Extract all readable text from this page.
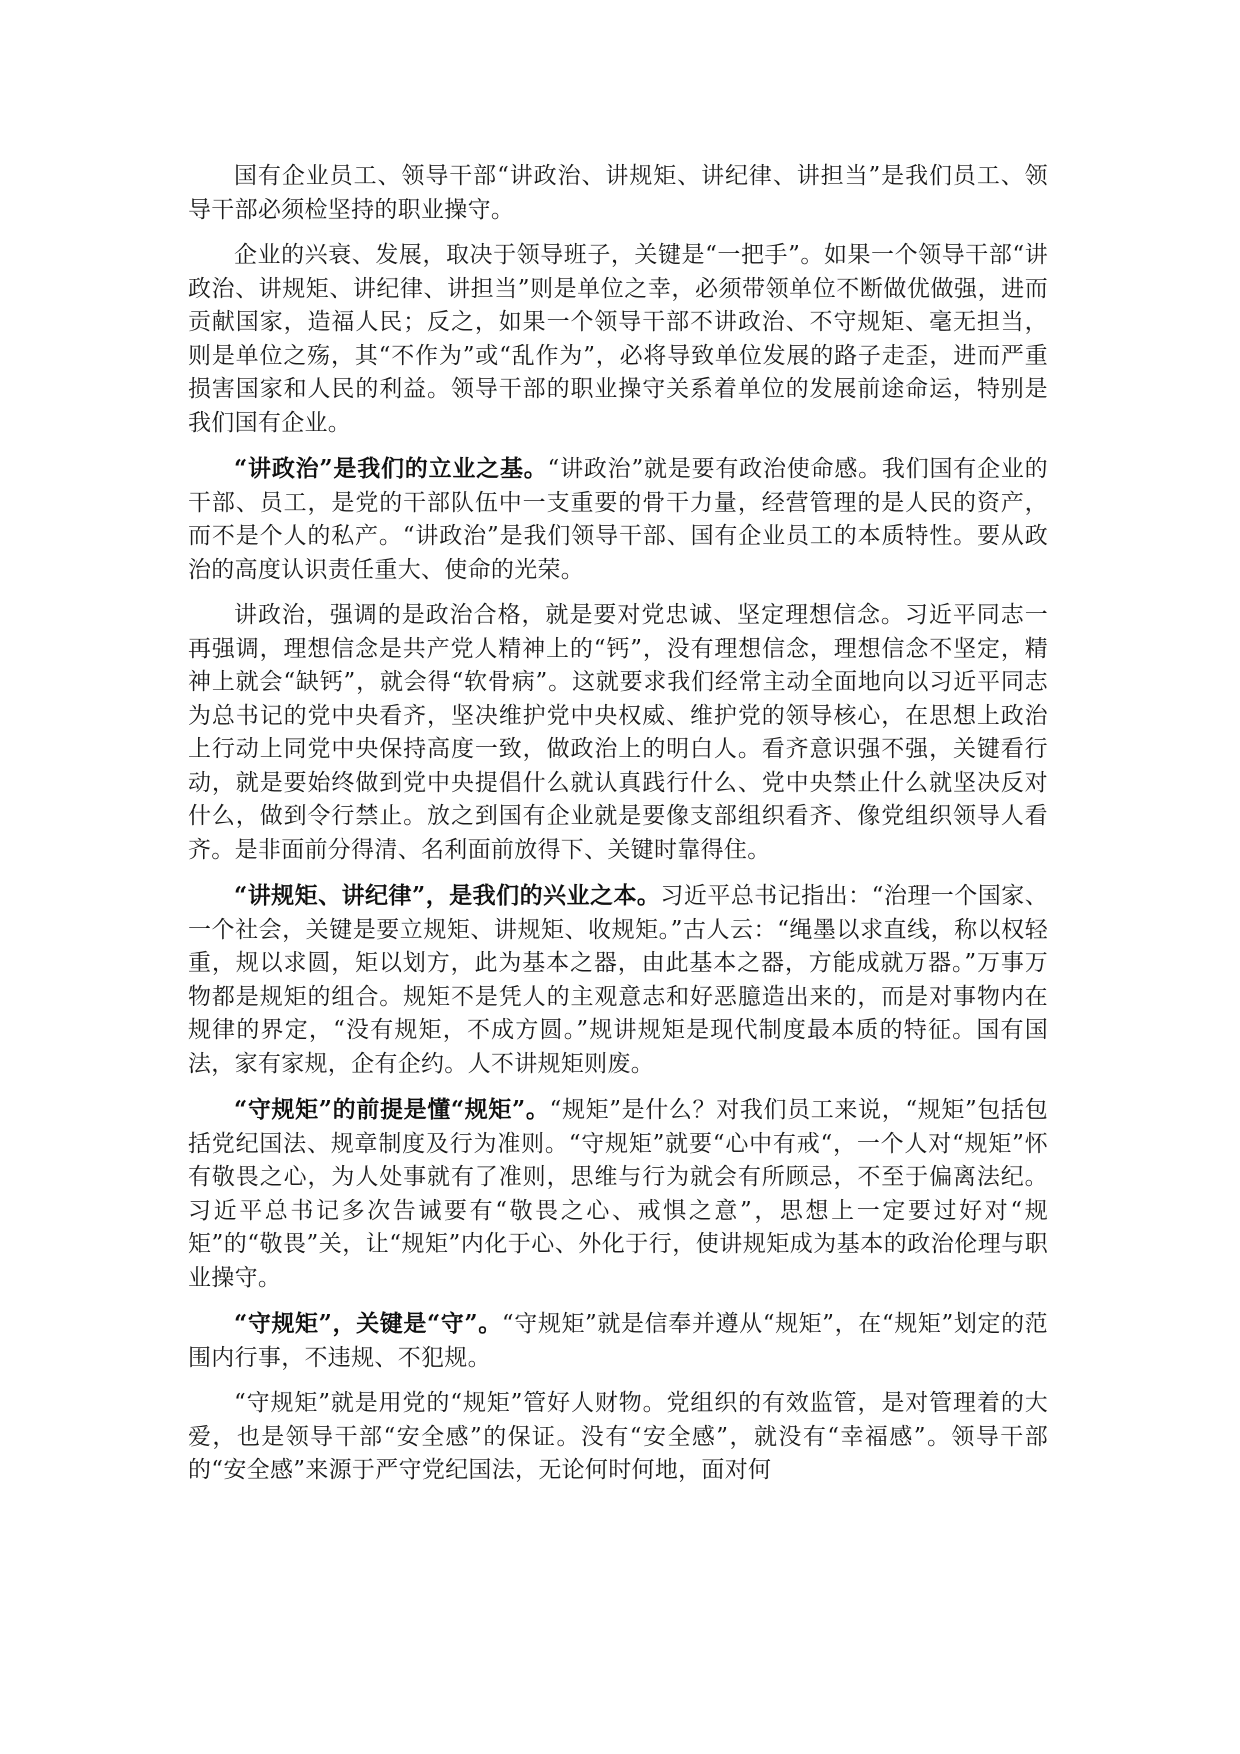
国有企业员工、领导干部“讲政治、讲规矩、讲纪律、讲担当”是我们员工、领导干部必须检坚持的职业操守。

企业的兴衰、发展，取决于领导班子，关键是“一把手”。如果一个领导干部“讲政治、讲规矩、讲纪律、讲担当”则是单位之幸，必须带领单位不断做优做强，进而贡献国家，造福人民；反之，如果一个领导干部不讲政治、不守规矩、毫无担当，则是单位之殇，其“不作为”或“乱作为”，必将导致单位发展的路子走歪，进而严重损害国家和人民的利益。领导干部的职业操守关系着单位的发展前途命运，特别是我们国有企业。

“讲政治”是我们的立业之基。“讲政治”就是要有政治使命感。我们国有企业的干部、员工，是党的干部队伍中一支重要的骨干力量，经营管理的是人民的资产，而不是个人的私产。“讲政治”是我们领导干部、国有企业员工的本质特性。要从政治的高度认识责任重大、使命的光荣。

讲政治，强调的是政治合格，就是要对党忠诚、坚定理想信念。习近平同志一再强调，理想信念是共产党人精神上的“钙”，没有理想信念，理想信念不坚定，精神上就会“缺钙”，就会得“软骨病”。这就要求我们经常主动全面地向以习近平同志为总书记的党中央看齐，坚决维护党中央权威、维护党的领导核心，在思想上政治上行动上同党中央保持高度一致，做政治上的明白人。看齐意识强不强，关键看行动，就是要始终做到党中央提倡什么就认真践行什么、党中央禁止什么就坚决反对什么，做到令行禁止。放之到国有企业就是要像支部组织看齐、像党组织领导人看齐。是非面前分得清、名利面前放得下、关键时靠得住。

“讲规矩、讲纪律”，是我们的兴业之本。习近平总书记指出：“治理一个国家、一个社会，关键是要立规矩、讲规矩、收规矩。”古人云：“绳墨以求直线，称以权轻重，规以求圆，矩以划方，此为基本之器，由此基本之器，方能成就万器。”万事万物都是规矩的组合。规矩不是凭人的主观意志和好恶臆造出来的，而是对事物内在规律的界定，“没有规矩，不成方圆。”规讲规矩是现代制度最本质的特征。国有国法，家有家规，企有企约。人不讲规矩则废。

“守规矩”的前提是懂“规矩”。“规矩”是什么？对我们员工来说，“规矩”包括包括党纪国法、规章制度及行为准则。“守规矩”就要“心中有戒“，一个人对“规矩”怀有敬畏之心，为人处事就有了准则，思维与行为就会有所顾忌，不至于偏离法纪。习近平总书记多次告诫要有“敬畏之心、戒惧之意”，思想上一定要过好对“规矩”的“敬畏”关，让“规矩”内化于心、外化于行，使讲规矩成为基本的政治伦理与职业操守。

“守规矩”，关键是“守”。“守规矩”就是信奉并遵从“规矩”，在“规矩”划定的范围内行事，不违规、不犯规。

“守规矩”就是用党的“规矩”管好人财物。党组织的有效监管，是对管理着的大爱，也是领导干部“安全感”的保证。没有“安全感”，就没有“幸福感”。领导干部的“安全感”来源于严守党纪国法，无论何时何地，面对何
